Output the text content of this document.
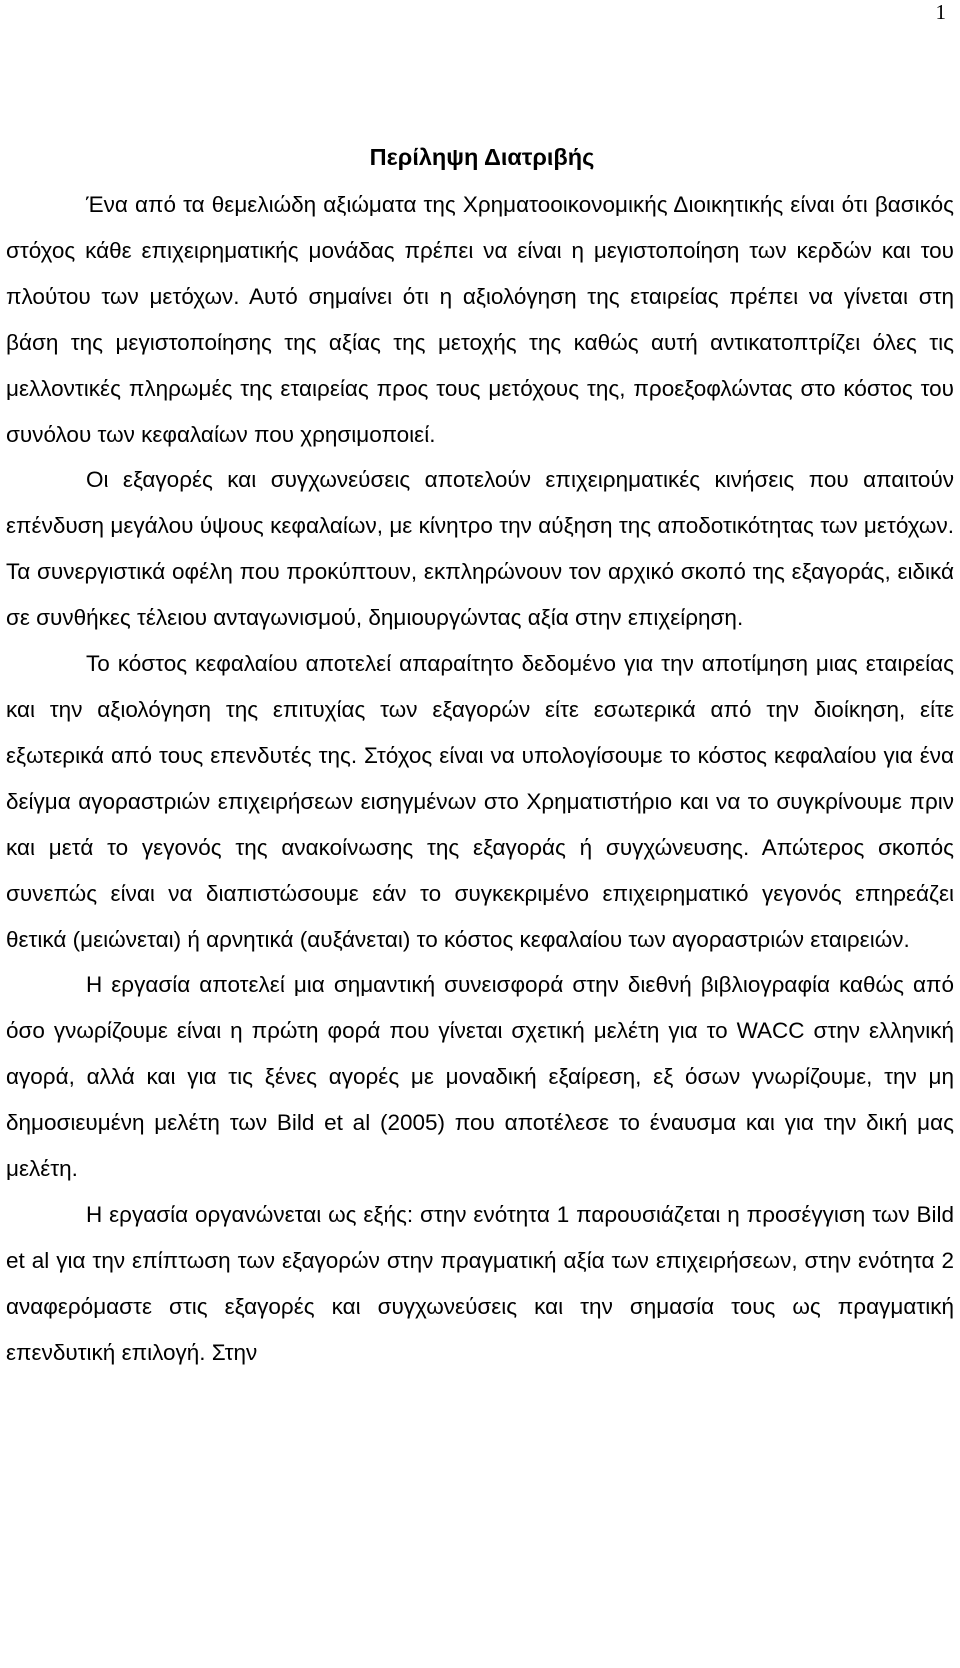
1
Περίληψη Διατριβής

Ένα από τα θεμελιώδη αξιώματα της Χρηματοοικονομικής Διοικητικής είναι ότι βασικός στόχος κάθε επιχειρηματικής μονάδας πρέπει να είναι η μεγιστοποίηση των κερδών και του πλούτου των μετόχων. Αυτό σημαίνει ότι η αξιολόγηση της εταιρείας πρέπει να γίνεται στη βάση της μεγιστοποίησης της αξίας της μετοχής της καθώς αυτή αντικατοπτρίζει όλες τις μελλοντικές πληρωμές της εταιρείας προς τους μετόχους της, προεξοφλώντας στο κόστος του συνόλου των κεφαλαίων που χρησιμοποιεί.

Οι εξαγορές και συγχωνεύσεις αποτελούν επιχειρηματικές κινήσεις που απαιτούν επένδυση μεγάλου ύψους κεφαλαίων, με κίνητρο την αύξηση της αποδοτικότητας των μετόχων. Τα συνεργιστικά οφέλη που προκύπτουν, εκπληρώνουν τον αρχικό σκοπό της εξαγοράς, ειδικά σε συνθήκες τέλειου ανταγωνισμού, δημιουργώντας αξία στην επιχείρηση.

Το κόστος κεφαλαίου αποτελεί απαραίτητο δεδομένο για την αποτίμηση μιας εταιρείας και την αξιολόγηση της επιτυχίας των εξαγορών είτε εσωτερικά από την διοίκηση, είτε εξωτερικά από τους επενδυτές της. Στόχος είναι να υπολογίσουμε το κόστος κεφαλαίου για ένα δείγμα αγοραστριών επιχειρήσεων εισηγμένων στο Χρηματιστήριο και να το συγκρίνουμε πριν και μετά το γεγονός της ανακοίνωσης της εξαγοράς ή συγχώνευσης. Απώτερος σκοπός συνεπώς είναι να διαπιστώσουμε εάν το συγκεκριμένο επιχειρηματικό γεγονός επηρεάζει θετικά (μειώνεται) ή αρνητικά (αυξάνεται) το κόστος κεφαλαίου των αγοραστριών εταιρειών.

Η εργασία αποτελεί μια σημαντική συνεισφορά στην διεθνή βιβλιογραφία καθώς από όσο γνωρίζουμε είναι η πρώτη φορά που γίνεται σχετική μελέτη για το WACC στην ελληνική αγορά, αλλά και για τις ξένες αγορές με μοναδική εξαίρεση, εξ όσων γνωρίζουμε, την μη δημοσιευμένη μελέτη των Bild et al (2005) που αποτέλεσε το έναυσμα και για την δική μας μελέτη.

Η εργασία οργανώνεται ως εξής: στην ενότητα 1 παρουσιάζεται η προσέγγιση των Bild et al για την επίπτωση των εξαγορών στην πραγματική αξία των επιχειρήσεων, στην ενότητα 2 αναφερόμαστε στις εξαγορές και συγχωνεύσεις και την σημασία τους ως πραγματική επενδυτική επιλογή. Στην
